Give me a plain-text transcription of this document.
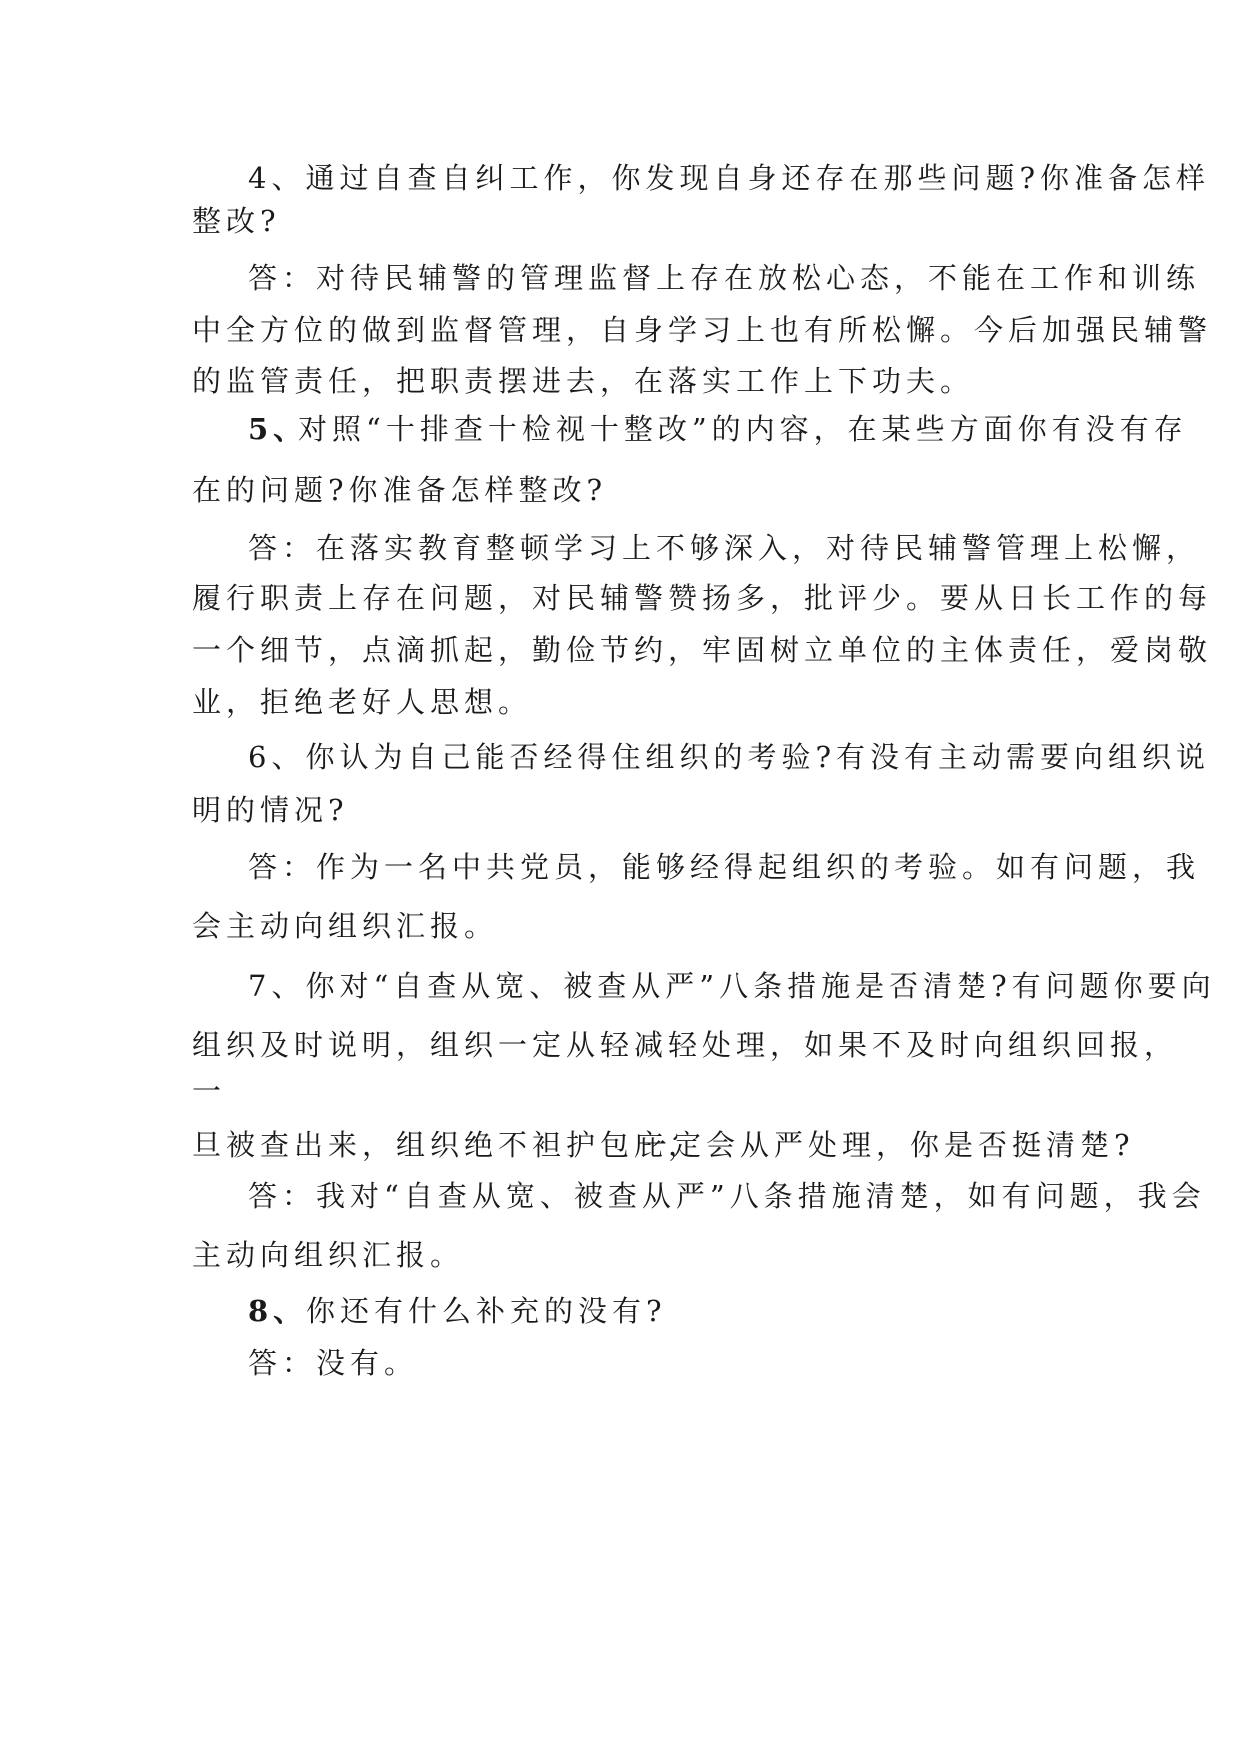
4、通过自查自纠工作，你发现自身还存在那些问题?你准备怎样
整改?
答：对待民辅警的管理监督上存在放松心态，不能在工作和训练
中全方位的做到监督管理，自身学习上也有所松懈。今后加强民辅警
的监管责任，把职责摆进去，在落实工作上下功夫。
5、
对照“十排查十检视十整改”的内容，在某些方面你有没有存
在的问题?你准备怎样整改?
答：在落实教育整顿学习上不够深入，对待民辅警管理上松懈，
履行职责上存在问题，对民辅警赞扬多，批评少。要从日长工作的每
一个细节，点滴抓起，勤俭节约，牢固树立单位的主体责任，爱岗敬
业，拒绝老好人思想。
6、你认为自己能否经得住组织的考验?有没有主动需要向组织说
明的情况?
答：作为一名中共党员，能够经得起组织的考验。如有问题，我
会主动向组织汇报。
7、你对“自查从宽、被查从严”八条措施是否清楚?有问题你要向
组织及时说明，组织一定从轻减轻处理，如果不及时向组织回报，
一
旦被查出来，组织绝不袒护包庇，
一定会从严处理，你是否挺清楚?
答：我对“自查从宽、被查从严”八条措施清楚，如有问题，我会
主动向组织汇报。
8、
你还有什么补充的没有?
答：没有。
